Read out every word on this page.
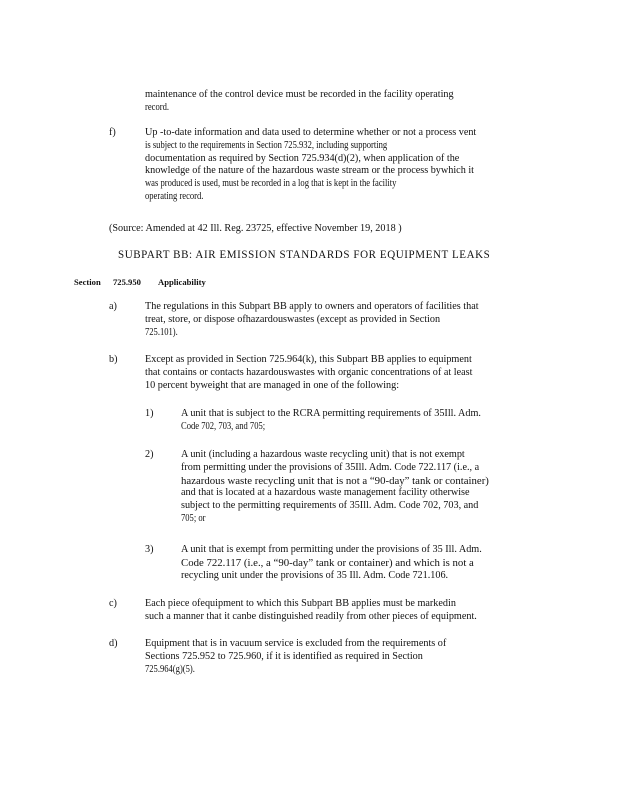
maintenance of the control device must be recorded in the facility operating
record.
f)	Up -to-date information and data used to determine whether or not a process vent
is subject to the requirements in Section 725.932, including supporting
documentation as required by Section 725.934(d)(2), when application of the
knowledge of the nature of the hazardous waste stream or the process bywhich it
was produced is used, must be recorded in a log that is kept in the facility
operating record.
(Source: Amended at 42 Ill. Reg. 23725, effective November 19, 2018 )
SUBPART BB: AIR EMISSION STANDARDS FOR EQUIPMENT LEAKS
Section 725.950 Applicability
a)	The regulations in this Subpart BB apply to owners and operators of facilities that
treat, store, or dispose ofhazardouswastes (except as provided in Section
725.101).
b)	Except as provided in Section 725.964(k), this Subpart BB applies to equipment
that contains or contacts hazardouswastes with organic concentrations of at least
10 percent byweight that are managed in one of the following:
1)	A unit that is subject to the RCRA permitting requirements of 35Ill. Adm.
Code 702, 703, and 705;
2)	A unit (including a hazardous waste recycling unit) that is not exempt
from permitting under the provisions of 35Ill. Adm. Code 722.117 (i.e., a
hazardous waste recycling unit that is not a “90-day” tank or container)
and that is located at a hazardous waste management facility otherwise
subject to the permitting requirements of 35Ill. Adm. Code 702, 703, and
705; or
3)	A unit that is exempt from permitting under the provisions of 35 Ill. Adm.
Code 722.117 (i.e., a “90-day” tank or container) and which is not a
recycling unit under the provisions of 35 Ill. Adm. Code 721.106.
c)	Each piece ofequipment to which this Subpart BB applies must be markedin
such a manner that it canbe distinguished readily from other pieces of equipment.
d)	Equipment that is in vacuum service is excluded from the requirements of
Sections 725.952 to 725.960, if it is identified as required in Section
725.964(g)(5).
